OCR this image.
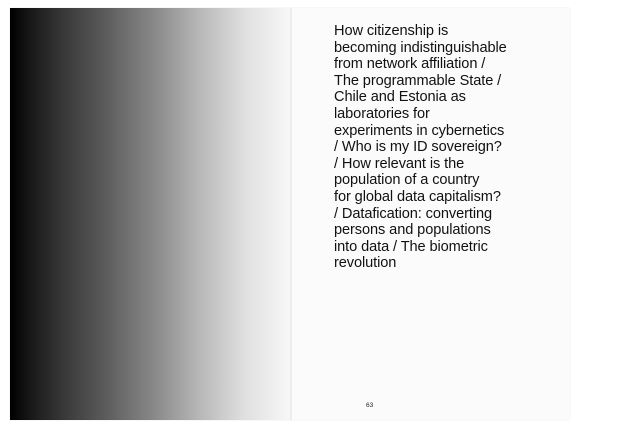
How citizenship is
becoming indistinguishable
from network affiliation /
The programmable State /
Chile and Estonia as
laboratories for
experiments in cybernetics
/ Who is my ID sovereign?
/ How relevant is the
population of a country
for global data capitalism?
/ Datafication: converting
persons and populations
into data / The biometric
revolution

63
